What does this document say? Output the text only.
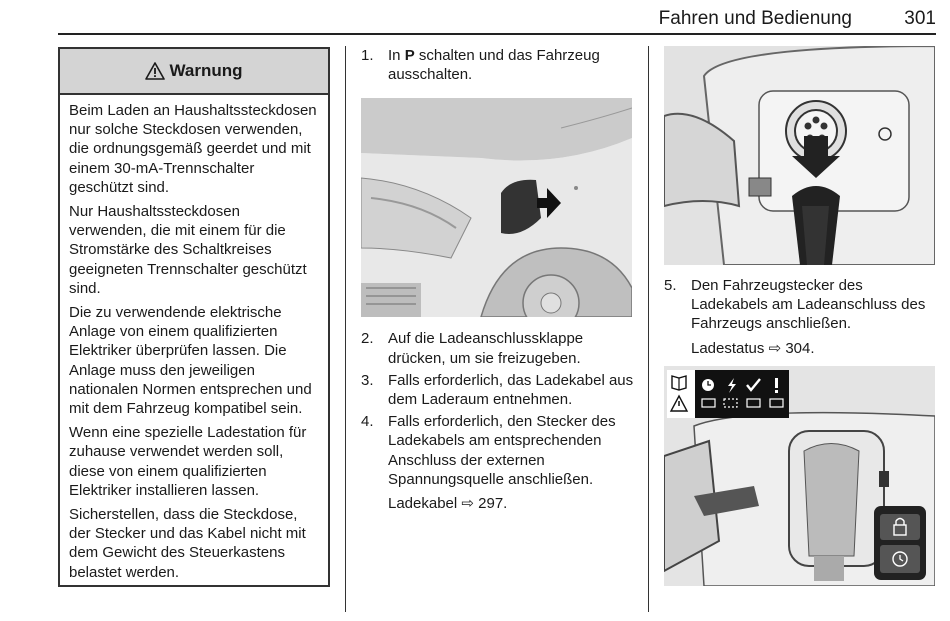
Fahren und Bedienung	301
Warnung

Beim Laden an Haushaltssteckdosen nur solche Steckdosen verwenden, die ordnungsgemäß geerdet und mit einem 30-mA-Trennschalter geschützt sind.

Nur Haushaltssteckdosen verwenden, die mit einem für die Stromstärke des Schaltkreises geeigneten Trennschalter geschützt sind.

Die zu verwendende elektrische Anlage von einem qualifizierten Elektriker überprüfen lassen. Die Anlage muss den jeweiligen nationalen Normen entsprechen und mit dem Fahrzeug kompatibel sein.

Wenn eine spezielle Ladestation für zuhause verwendet werden soll, diese von einem qualifizierten Elektriker installieren lassen.

Sicherstellen, dass die Steckdose, der Stecker und das Kabel nicht mit dem Gewicht des Steuerkastens belastet werden.

1. In P schalten und das Fahrzeug ausschalten.
2. Auf die Ladeanschlussklappe drücken, um sie freizugeben.
3. Falls erforderlich, das Ladekabel aus dem Laderaum entnehmen.
4. Falls erforderlich, den Stecker des Ladekabels am entsprechenden Anschluss der externen Spannungsquelle anschließen.
Ladekabel ⇨ 297.
5. Den Fahrzeugstecker des Ladekabels am Ladeanschluss des Fahrzeugs anschließen.
Ladestatus ⇨ 304.
